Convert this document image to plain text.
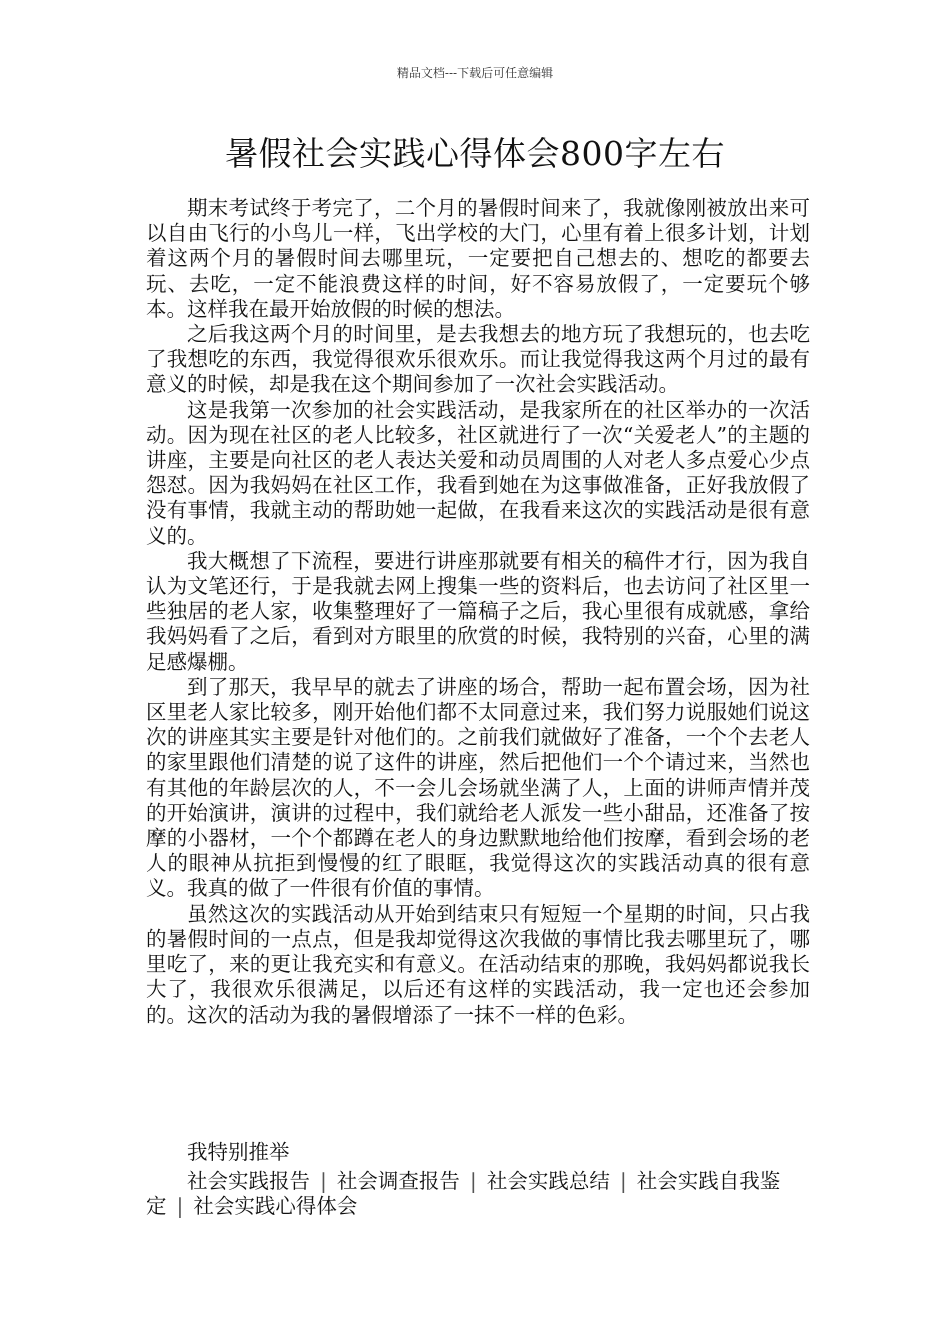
精品文档---下载后可任意编辑
暑假社会实践心得体会800字左右

期末考试终于考完了，二个月的暑假时间来了，我就像刚被放出来可以自由飞行的小鸟儿一样，飞出学校的大门，心里有着上很多计划，计划着这两个月的暑假时间去哪里玩，一定要把自己想去的、想吃的都要去玩、去吃，一定不能浪费这样的时间，好不容易放假了，一定要玩个够本。这样我在最开始放假的时候的想法。

之后我这两个月的时间里，是去我想去的地方玩了我想玩的，也去吃了我想吃的东西，我觉得很欢乐很欢乐。而让我觉得我这两个月过的最有意义的时候，却是我在这个期间参加了一次社会实践活动。

这是我第一次参加的社会实践活动，是我家所在的社区举办的一次活动。因为现在社区的老人比较多，社区就进行了一次“关爱老人”的主题的讲座，主要是向社区的老人表达关爱和动员周围的人对老人多点爱心少点怨怼。因为我妈妈在社区工作，我看到她在为这事做准备，正好我放假了没有事情，我就主动的帮助她一起做，在我看来这次的实践活动是很有意义的。

我大概想了下流程，要进行讲座那就要有相关的稿件才行，因为我自认为文笔还行，于是我就去网上搜集一些的资料后，也去访问了社区里一些独居的老人家，收集整理好了一篇稿子之后，我心里很有成就感，拿给我妈妈看了之后，看到对方眼里的欣赏的时候，我特别的兴奋，心里的满足感爆棚。

到了那天，我早早的就去了讲座的场合，帮助一起布置会场，因为社区里老人家比较多，刚开始他们都不太同意过来，我们努力说服她们说这次的讲座其实主要是针对他们的。之前我们就做好了准备，一个个去老人的家里跟他们清楚的说了这件的讲座，然后把他们一个个请过来，当然也有其他的年龄层次的人，不一会儿会场就坐满了人，上面的讲师声情并茂的开始演讲，演讲的过程中，我们就给老人派发一些小甜品，还准备了按摩的小器材，一个个都蹲在老人的身边默默地给他们按摩，看到会场的老人的眼神从抗拒到慢慢的红了眼眶，我觉得这次的实践活动真的很有意义。我真的做了一件很有价值的事情。

虽然这次的实践活动从开始到结束只有短短一个星期的时间，只占我的暑假时间的一点点，但是我却觉得这次我做的事情比我去哪里玩了，哪里吃了，来的更让我充实和有意义。在活动结束的那晚，我妈妈都说我长大了，我很欢乐很满足，以后还有这样的实践活动，我一定也还会参加的。这次的活动为我的暑假增添了一抹不一样的色彩。

我特别推举

社会实践报告 | 社会调查报告 | 社会实践总结 | 社会实践自我鉴定 | 社会实践心得体会
